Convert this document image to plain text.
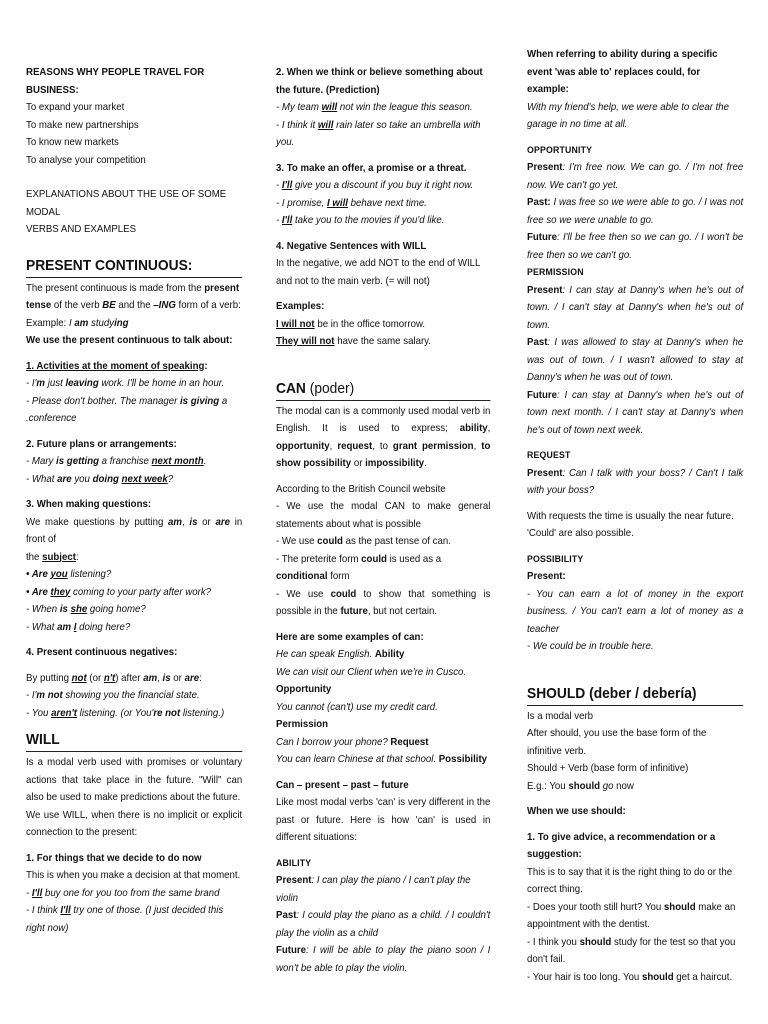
REASONS WHY PEOPLE TRAVEL FOR BUSINESS:

To expand your market

To make new partnerships

To know new markets

To analyse your competition

EXPLANATIONS ABOUT THE USE OF SOME MODAL

VERBS AND EXAMPLES

PRESENT CONTINUOUS:

The present continuous is made from the present tense of the verb BE and the –ING form of a verb:

Example: I am studying

We use the present continuous to talk about:

1. Activities at the moment of speaking:

- I'm just leaving work. I'll be home in an hour.

- Please don't bother. The manager is giving a

.conference

2. Future plans or arrangements:

- Mary is getting a franchise next month.

- What are you doing next week?

3. When making questions:

We make questions by putting am, is or are in front of

the subject:

• Are you listening?

• Are they coming to your party after work?

- When is she going home?

- What am I doing here?

4. Present continuous negatives:

By putting not (or n't) after am, is or are:

- I'm not showing you the financial state.

- You aren't listening. (or You're not listening.)

WILL

Is a modal verb used with promises or voluntary actions that take place in the future. "Will" can also be used to make predictions about the future.

We use WILL, when there is no implicit or explicit connection to the present:

1. For things that we decide to do now

This is when you make a decision at that moment.

- I'll buy one for you too from the same brand

- I think I'll try one of those. (I just decided this right now)

2. When we think or believe something about the future. (Prediction)

- My team will not win the league this season.

- I think it will rain later so take an umbrella with you.

3. To make an offer, a promise or a threat.

- I'll give you a discount if you buy it right now.

- I promise, I will behave next time.

- I'll take you to the movies if you'd like.

4. Negative Sentences with WILL

In the negative, we add NOT to the end of WILL and not to the main verb. (= will not)

Examples:

I will not be in the office tomorrow.

They will not have the same salary.

CAN (poder)

The modal can is a commonly used modal verb in English. It is used to express; ability, opportunity, request, to grant permission, to show possibility or impossibility.

According to the British Council website

- We use the modal CAN to make general statements about what is possible

- We use could as the past tense of can.

- The preterite form could is used as a conditional form

- We use could to show that something is possible in the future, but not certain.

Here are some examples of can:

He can speak English. Ability

We can visit our Client when we're in Cusco. Opportunity

You cannot (can't) use my credit card. Permission

Can I borrow your phone? Request

You can learn Chinese at that school. Possibility

Can – present – past – future

Like most modal verbs 'can' is very different in the past or future. Here is how 'can' is used in different situations:

ABILITY

Present: I can play the piano / I can't play the violin

Past: I could play the piano as a child. / I couldn't play the violin as a child

Future: I will be able to play the piano soon / I won't be able to play the violin.

When referring to ability during a specific event 'was able to' replaces could, for example:

With my friend's help, we were able to clear the garage in no time at all.

OPPORTUNITY

Present: I'm free now. We can go. / I'm not free now. We can't go yet.

Past: I was free so we were able to go. / I was not free so we were unable to go.

Future: I'll be free then so we can go. / I won't be free then so we can't go.

PERMISSION

Present: I can stay at Danny's when he's out of town. / I can't stay at Danny's when he's out of town.

Past: I was allowed to stay at Danny's when he was out of town. / I wasn't allowed to stay at Danny's when he was out of town.

Future: I can stay at Danny's when he's out of town next month. / I can't stay at Danny's when he's out of town next week.

REQUEST

Present: Can I talk with your boss? / Can't I talk with your boss?

With requests the time is usually the near future. 'Could' are also possible.

POSSIBILITY

Present:

- You can earn a lot of money in the export business. / You can't earn a lot of money as a teacher

- We could be in trouble here.

SHOULD (deber / debería)

Is a modal verb

After should, you use the base form of the infinitive verb.

Should + Verb (base form of infinitive)

E.g.: You should go now

When we use should:

1. To give advice, a recommendation or a suggestion:

This is to say that it is the right thing to do or the correct thing.

- Does your tooth still hurt? You should make an appointment with the dentist.

- I think you should study for the test so that you don't fail.

- Your hair is too long. You should get a haircut.
